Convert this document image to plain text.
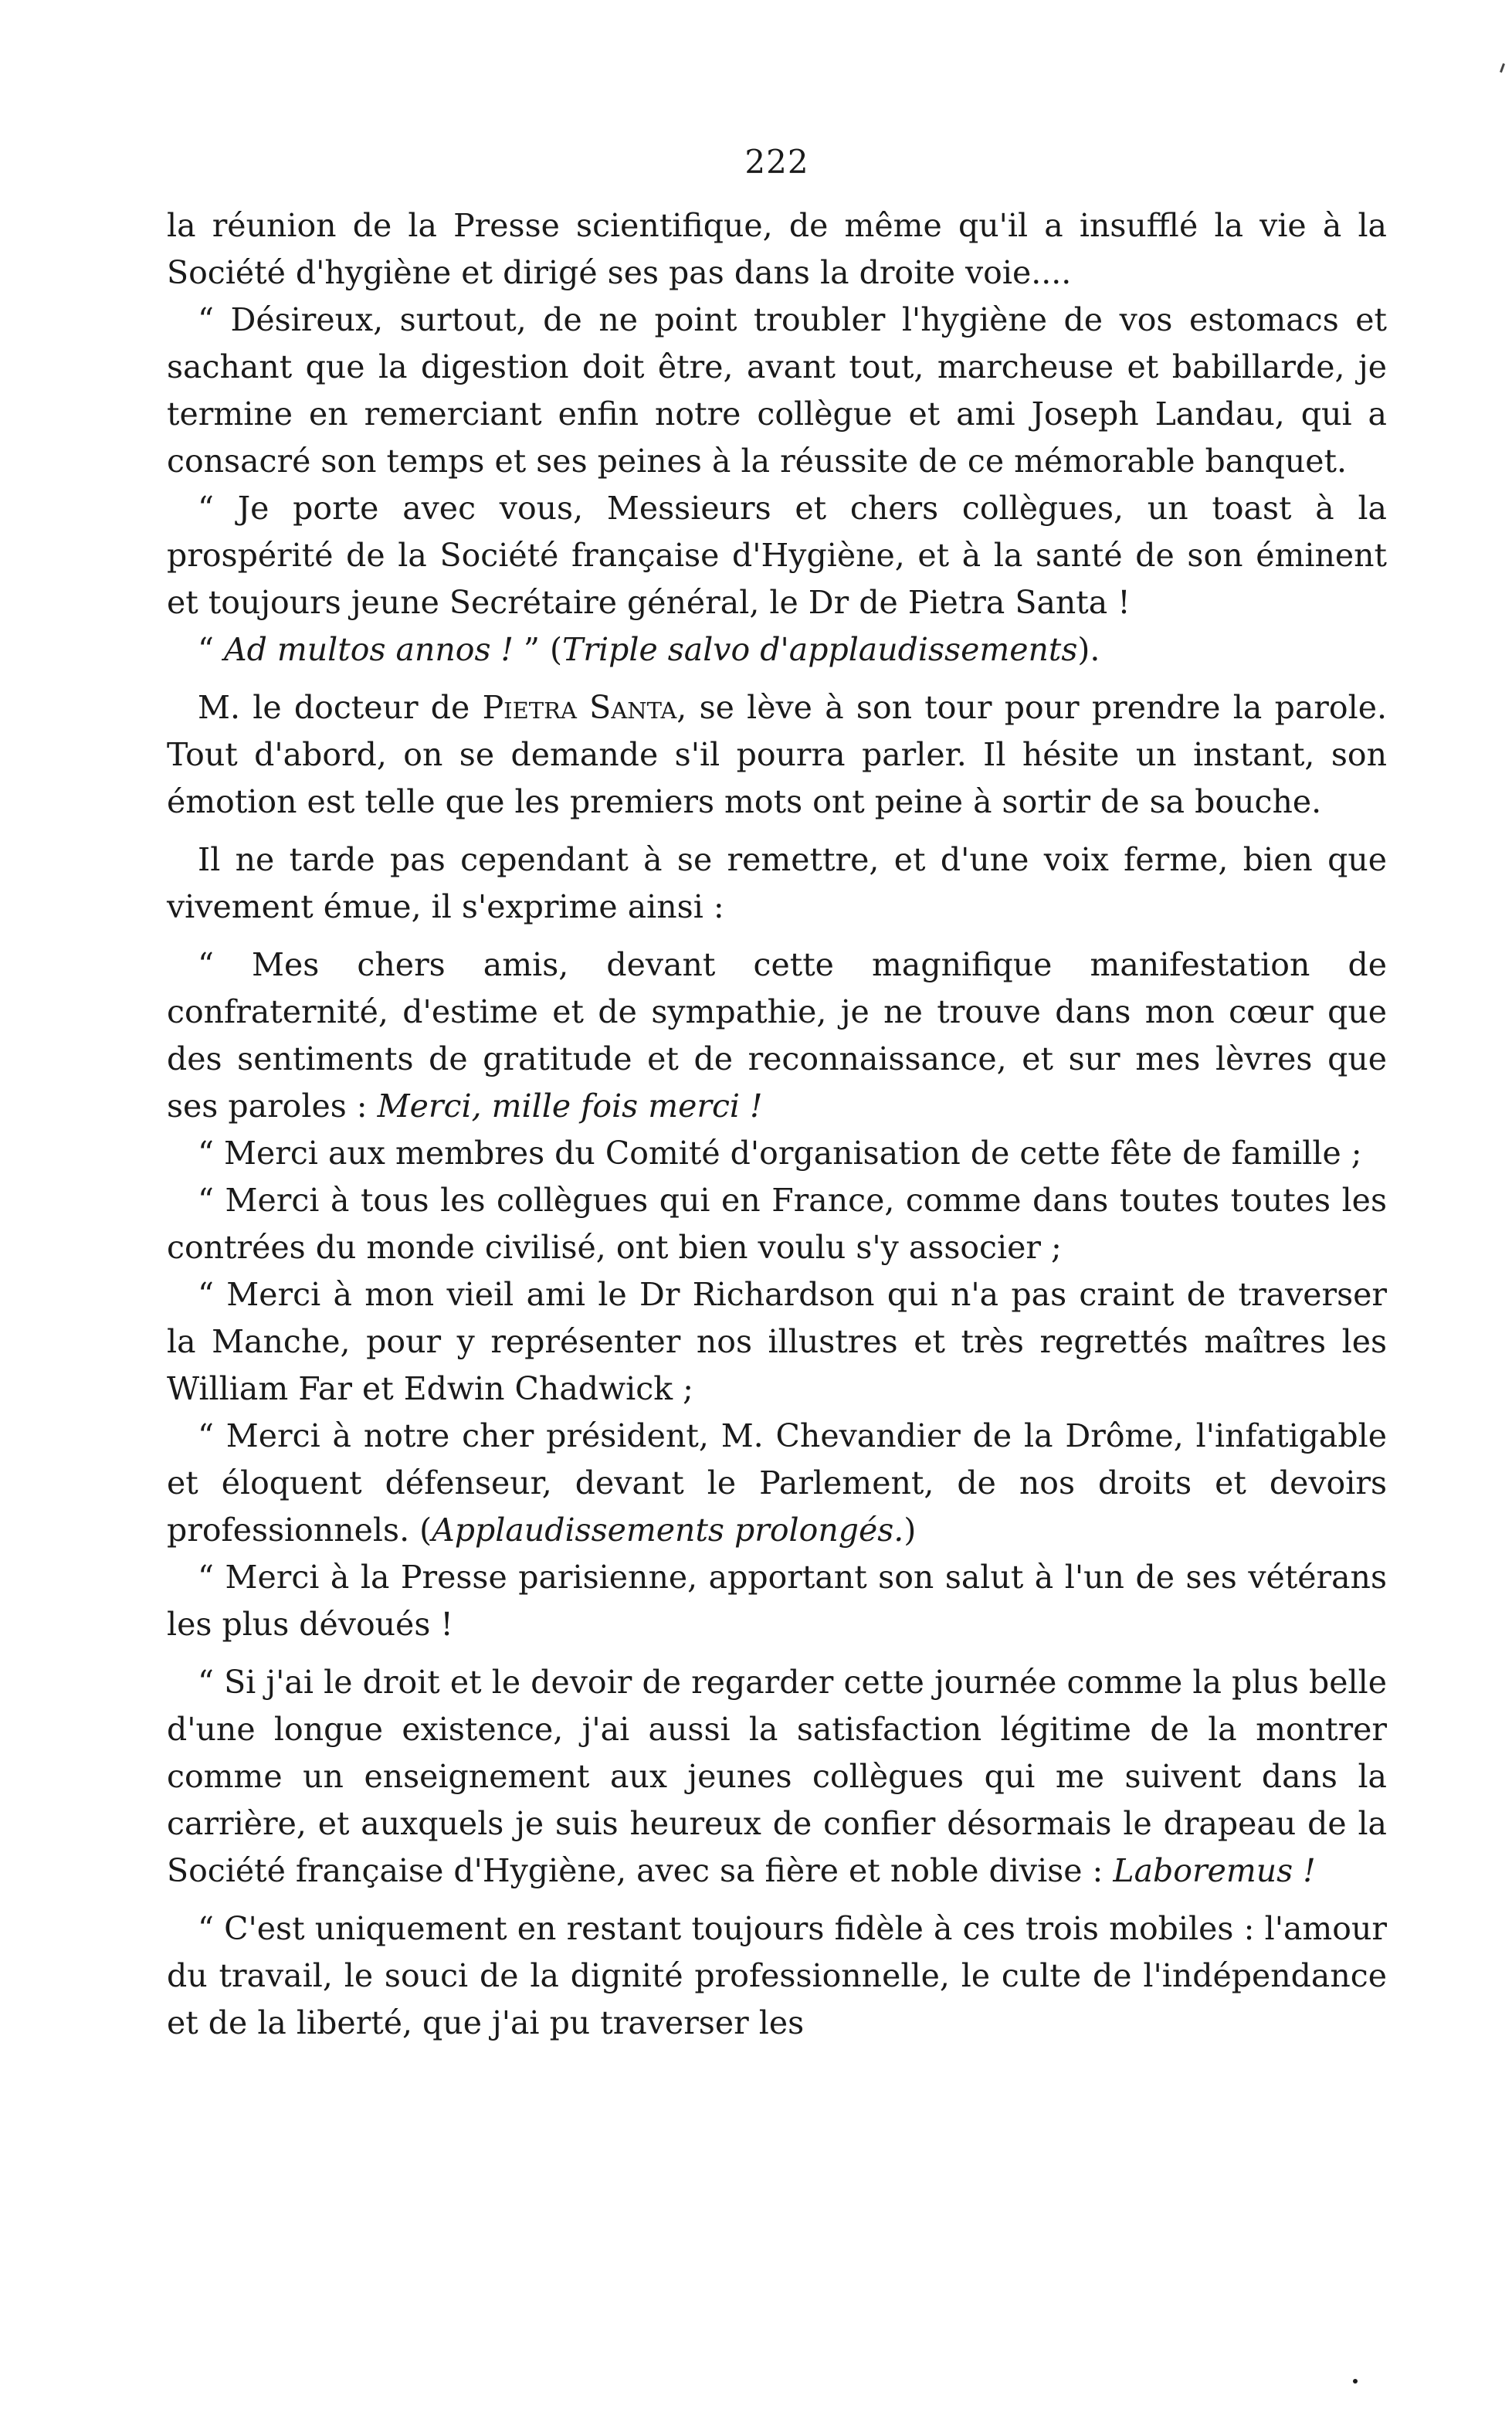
222

la réunion de la Presse scientifique, de même qu'il a insufflé la vie à la Société d'hygiène et dirigé ses pas dans la droite voie....

“ Désireux, surtout, de ne point troubler l'hygiène de vos estomacs et sachant que la digestion doit être, avant tout, marcheuse et babillarde, je termine en remerciant enfin notre collègue et ami Joseph Landau, qui a consacré son temps et ses peines à la réussite de ce mémorable banquet.

“ Je porte avec vous, Messieurs et chers collègues, un toast à la prospérité de la Société française d'Hygiène, et à la santé de son éminent et toujours jeune Secrétaire général, le Dr de Pietra Santa !

“ Ad multos annos ! ” (Triple salvo d'applaudissements).

M. le docteur de Pietra Santa, se lève à son tour pour prendre la parole. Tout d'abord, on se demande s'il pourra parler. Il hésite un instant, son émotion est telle que les premiers mots ont peine à sortir de sa bouche.

Il ne tarde pas cependant à se remettre, et d'une voix ferme, bien que vivement émue, il s'exprime ainsi :

“ Mes chers amis, devant cette magnifique manifestation de confraternité, d'estime et de sympathie, je ne trouve dans mon cœur que des sentiments de gratitude et de reconnaissance, et sur mes lèvres que ses paroles : Merci, mille fois merci !

“ Merci aux membres du Comité d'organisation de cette fête de famille ;

“ Merci à tous les collègues qui en France, comme dans toutes toutes les contrées du monde civilisé, ont bien voulu s'y associer ;

“ Merci à mon vieil ami le Dr Richardson qui n'a pas craint de traverser la Manche, pour y représenter nos illustres et très regrettés maîtres les William Far et Edwin Chadwick ;

“ Merci à notre cher président, M. Chevandier de la Drôme, l'infatigable et éloquent défenseur, devant le Parlement, de nos droits et devoirs professionnels. (Applaudissements prolongés.)

“ Merci à la Presse parisienne, apportant son salut à l'un de ses vétérans les plus dévoués !

“ Si j'ai le droit et le devoir de regarder cette journée comme la plus belle d'une longue existence, j'ai aussi la satisfaction légitime de la montrer comme un enseignement aux jeunes collègues qui me suivent dans la carrière, et auxquels je suis heureux de confier désormais le drapeau de la Société française d'Hygiène, avec sa fière et noble divise : Laboremus !

“ C'est uniquement en restant toujours fidèle à ces trois mobiles : l'amour du travail, le souci de la dignité professionnelle, le culte de l'indépendance et de la liberté, que j'ai pu traverser les
